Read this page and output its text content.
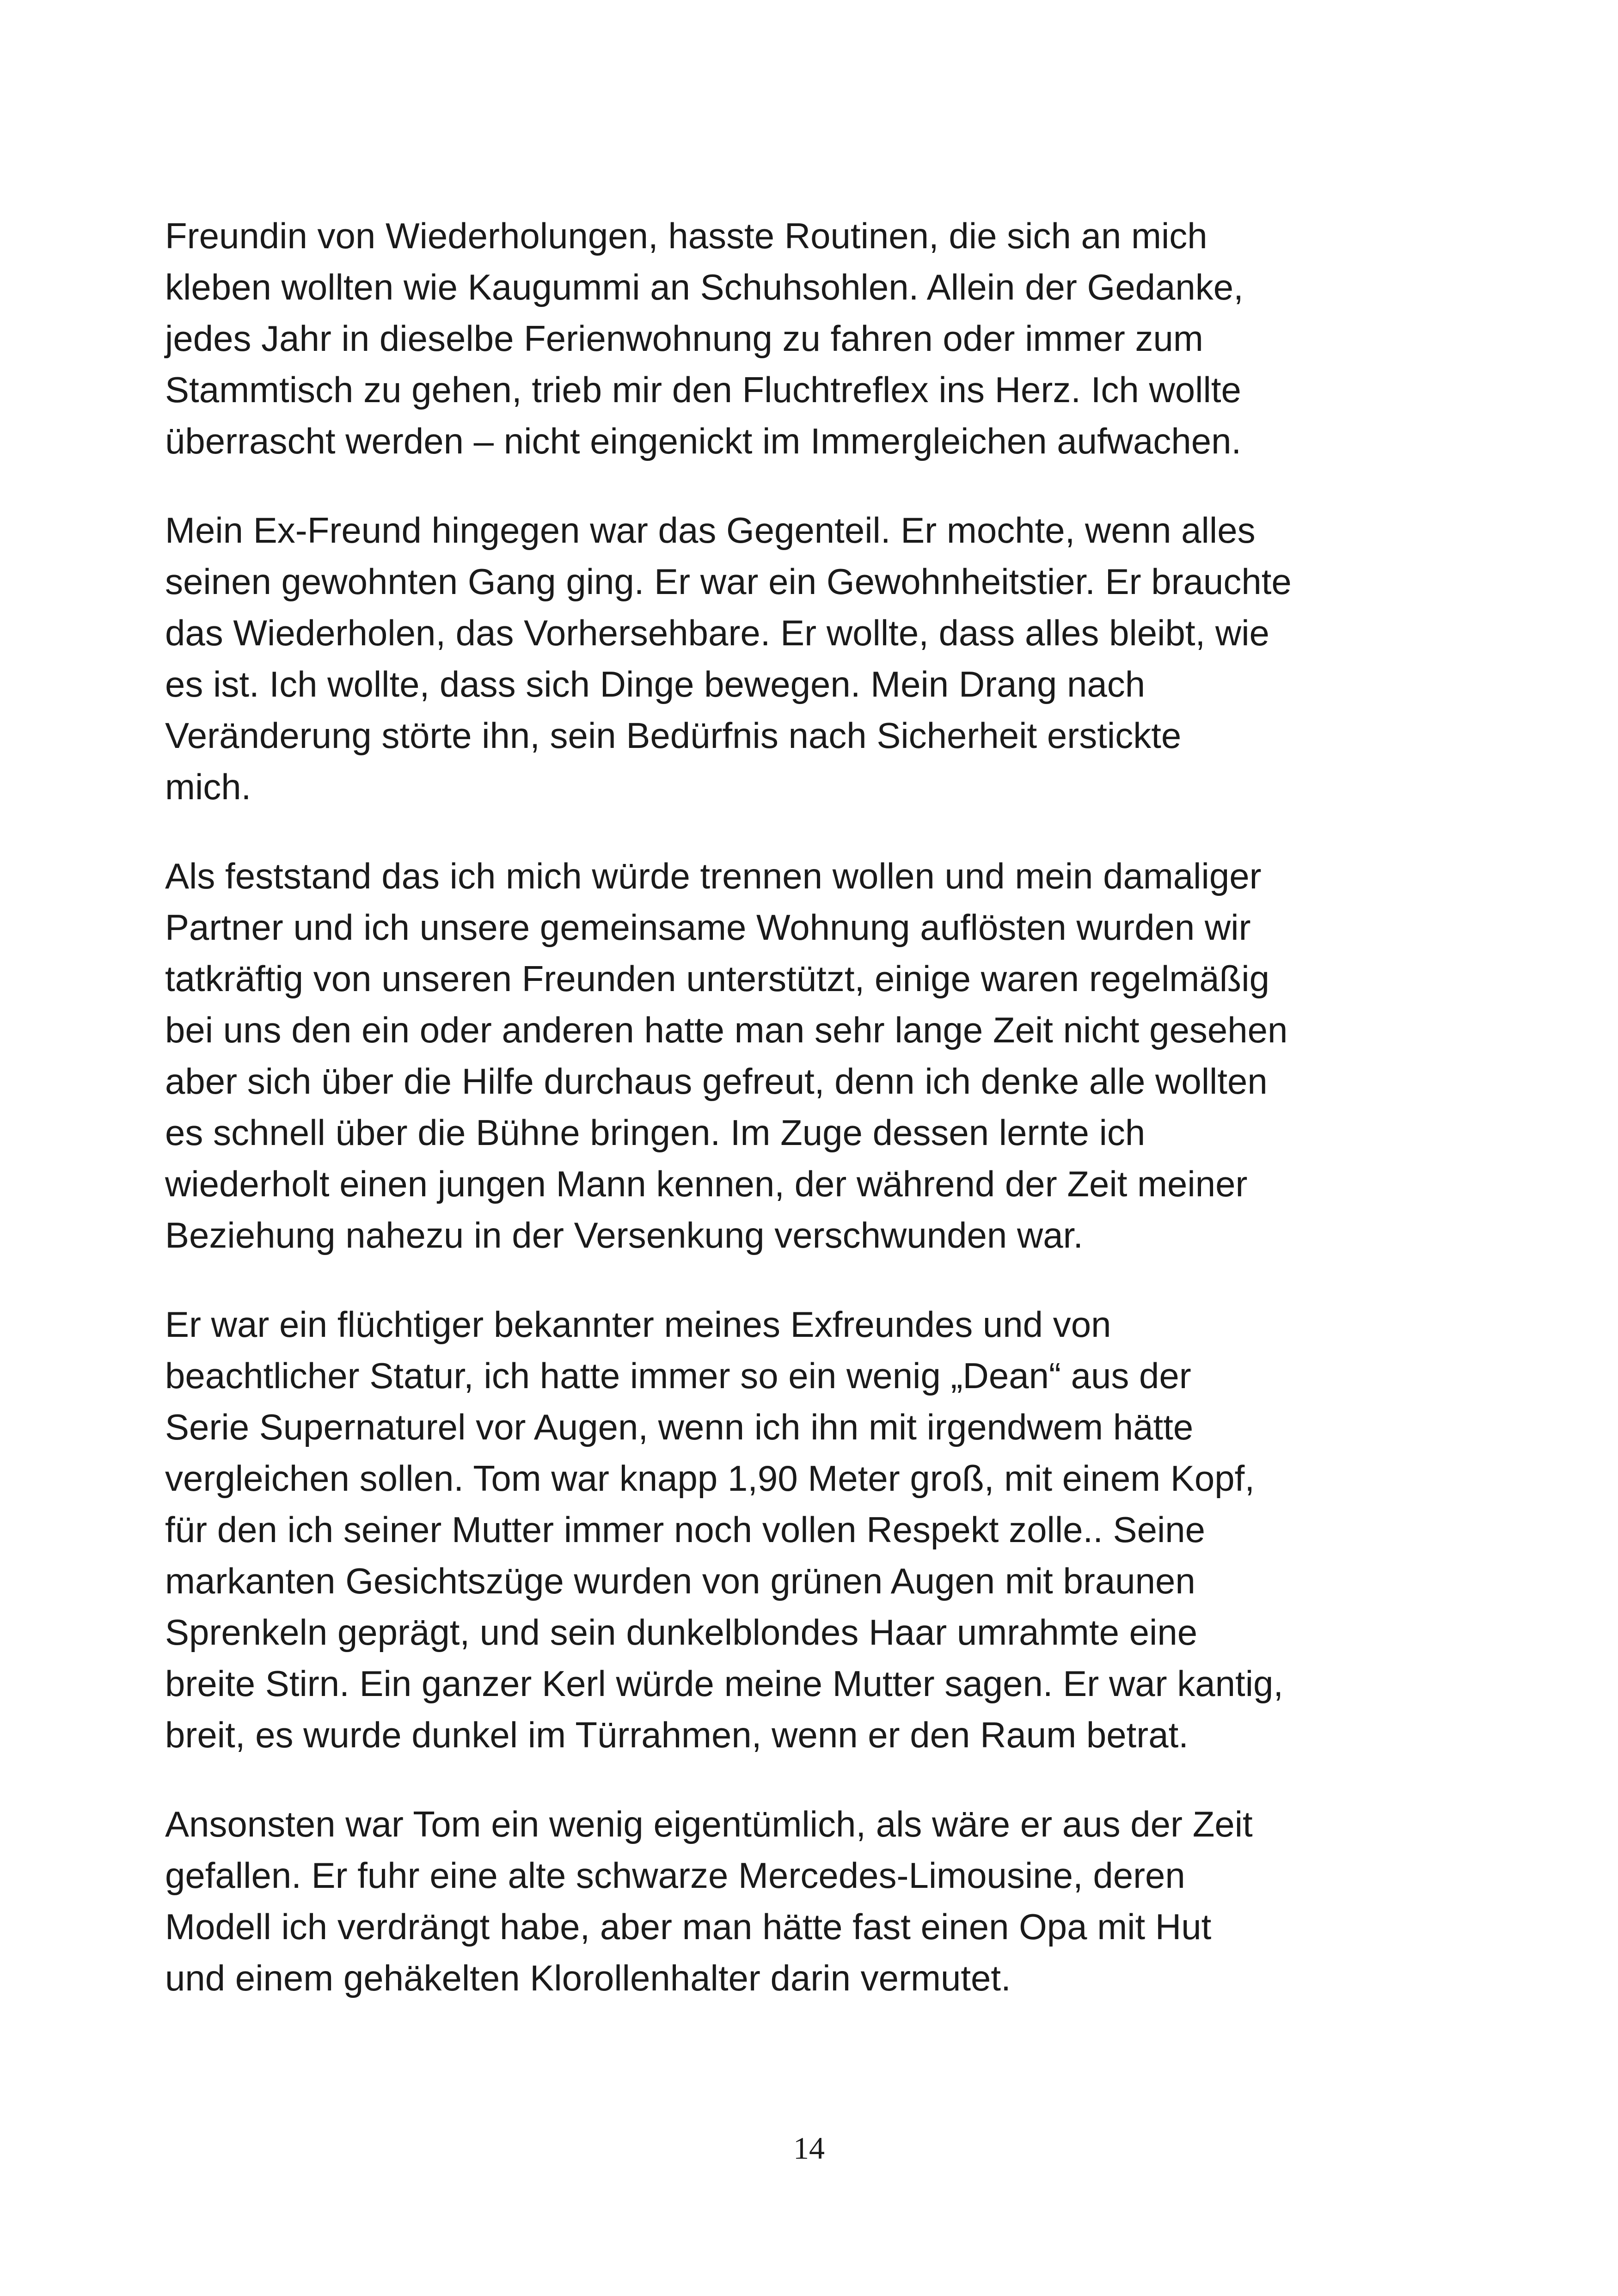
Freundin von Wiederholungen, hasste Routinen, die sich an mich
kleben wollten wie Kaugummi an Schuhsohlen. Allein der Gedanke,
jedes Jahr in dieselbe Ferienwohnung zu fahren oder immer zum
Stammtisch zu gehen, trieb mir den Fluchtreflex ins Herz. Ich wollte
überrascht werden – nicht eingenickt im Immergleichen aufwachen.

Mein Ex-Freund hingegen war das Gegenteil. Er mochte, wenn alles
seinen gewohnten Gang ging. Er war ein Gewohnheitstier. Er brauchte
das Wiederholen, das Vorhersehbare. Er wollte, dass alles bleibt, wie
es ist. Ich wollte, dass sich Dinge bewegen. Mein Drang nach
Veränderung störte ihn, sein Bedürfnis nach Sicherheit erstickte
mich.

Als feststand das ich mich würde trennen wollen und mein damaliger
Partner und ich unsere gemeinsame Wohnung auflösten wurden wir
tatkräftig von unseren Freunden unterstützt, einige waren regelmäßig
bei uns den ein oder anderen hatte man sehr lange Zeit nicht gesehen
aber sich über die Hilfe durchaus gefreut, denn ich denke alle wollten
es schnell über die Bühne bringen. Im Zuge dessen lernte ich
wiederholt einen jungen Mann kennen, der während der Zeit meiner
Beziehung nahezu in der Versenkung verschwunden war.

Er war ein flüchtiger bekannter meines Exfreundes und von
beachtlicher Statur, ich hatte immer so ein wenig „Dean“ aus der
Serie Supernaturel vor Augen, wenn ich ihn mit irgendwem hätte
vergleichen sollen. Tom war knapp 1,90 Meter groß, mit einem Kopf,
für den ich seiner Mutter immer noch vollen Respekt zolle.. Seine
markanten Gesichtszüge wurden von grünen Augen mit braunen
Sprenkeln geprägt, und sein dunkelblondes Haar umrahmte eine
breite Stirn. Ein ganzer Kerl würde meine Mutter sagen. Er war kantig,
breit, es wurde dunkel im Türrahmen, wenn er den Raum betrat.

Ansonsten war Tom ein wenig eigentümlich, als wäre er aus der Zeit
gefallen. Er fuhr eine alte schwarze Mercedes-Limousine, deren
Modell ich verdrängt habe, aber man hätte fast einen Opa mit Hut
und einem gehäkelten Klorollenhalter darin vermutet.

14
